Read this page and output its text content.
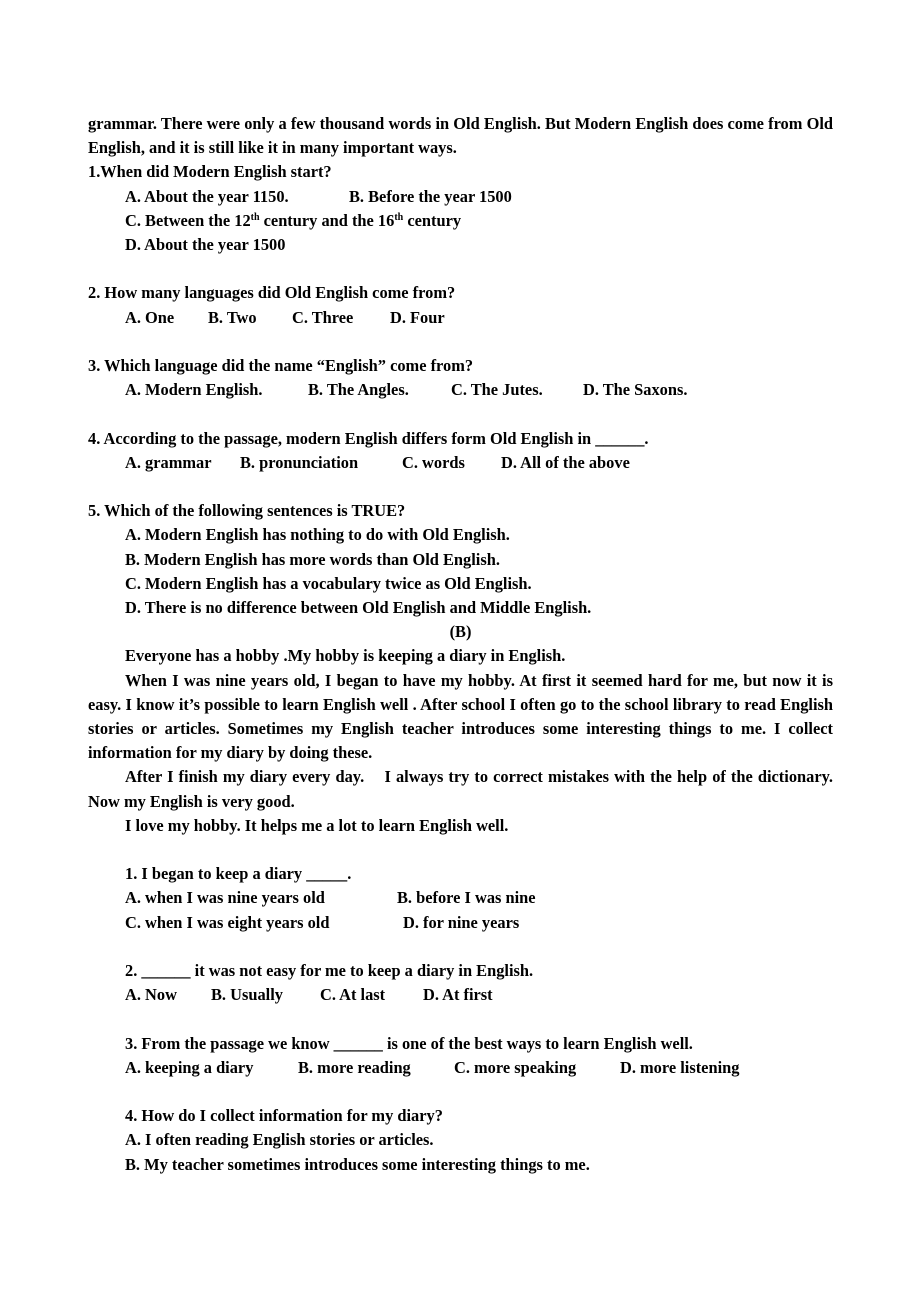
grammar. There were only a few thousand words in Old English. But Modern English does come from Old English, and it is still like it in many important ways.

1.When did Modern English start?

A. About the year 1150.	B. Before the year 1500

C. Between the 12th century and the 16th century

D. About the year 1500

2. How many languages did Old English come from?

A. One B. Two C. Three D. Four

3. Which language did the name “English” come from?

A. Modern English.	B. The Angles.	C. The Jutes. D. The Saxons.

4. According to the passage, modern English differs form Old English in ______.

A. grammar B. pronunciation	C. words D. All of the above

5. Which of the following sentences is TRUE?

A. Modern English has nothing to do with Old English.

B. Modern English has more words than Old English.

C. Modern English has a vocabulary twice as Old English.

D. There is no difference between Old English and Middle English.

(B)

Everyone has a hobby .My hobby is keeping a diary in English.

When I was nine years old, I began to have my hobby. At first it seemed hard for me, but now it is easy. I know it’s possible to learn English well . After school I often go to the school library to read English stories or articles. Sometimes my English teacher introduces some interesting things to me. I collect information for my diary by doing these.

After I finish my diary every day.    I always try to correct mistakes with the help of the dictionary. Now my English is very good.

I love my hobby. It helps me a lot to learn English well.

1. I began to keep a diary _____.

A. when I was nine years old	B. before I was nine

C. when I was eight years old	D. for nine years

2. ______ it was not easy for me to keep a diary in English.

A. Now B. Usually C. At last D. At first

3. From the passage we know ______ is one of the best ways to learn English well.

A. keeping a diary	B. more reading	C. more speaking	D. more listening

4. How do I collect information for my diary?

A. I often reading English stories or articles.

B. My teacher sometimes introduces some interesting things to me.
